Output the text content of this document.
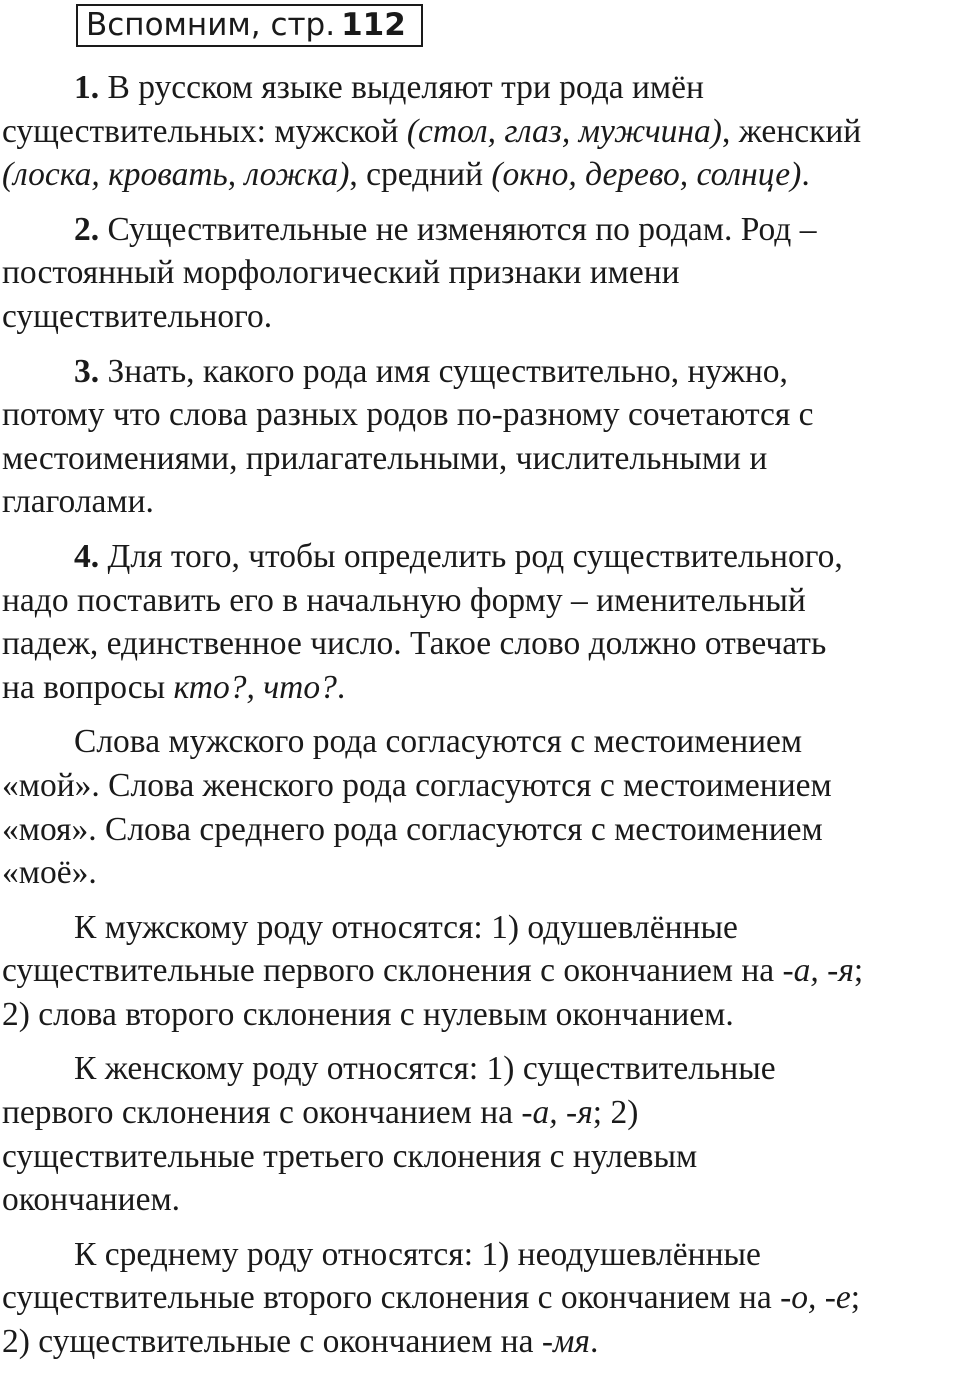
Вспомним, стр. 112
1. В русском языке выделяют три рода имён
существительных: мужской (стол, глаз, мужчина), женский
(лоска, кровать, ложка), средний (окно, дерево, солнце).
2. Существительные не изменяются по родам. Род –
постоянный морфологический признаки имени
существительного.
3. Знать, какого рода имя существительно, нужно,
потому что слова разных родов по-разному сочетаются с
местоимениями, прилагательными, числительными и
глаголами.
4. Для того, чтобы определить род существительного,
надо поставить его в начальную форму – именительный
падеж, единственное число. Такое слово должно отвечать
на вопросы кто?, что?.
Слова мужского рода согласуются с местоимением
«мой». Слова женского рода согласуются с местоимением
«моя». Слова среднего рода согласуются с местоимением
«моё».
К мужскому роду относятся: 1) одушевлённые
существительные первого склонения с окончанием на -а, -я;
2) слова второго склонения с нулевым окончанием.
К женскому роду относятся: 1) существительные
первого склонения с окончанием на -а, -я; 2)
существительные третьего склонения с нулевым
окончанием.
К среднему роду относятся: 1) неодушевлённые
существительные второго склонения с окончанием на -о, -е;
2) существительные с окончанием на -мя.
